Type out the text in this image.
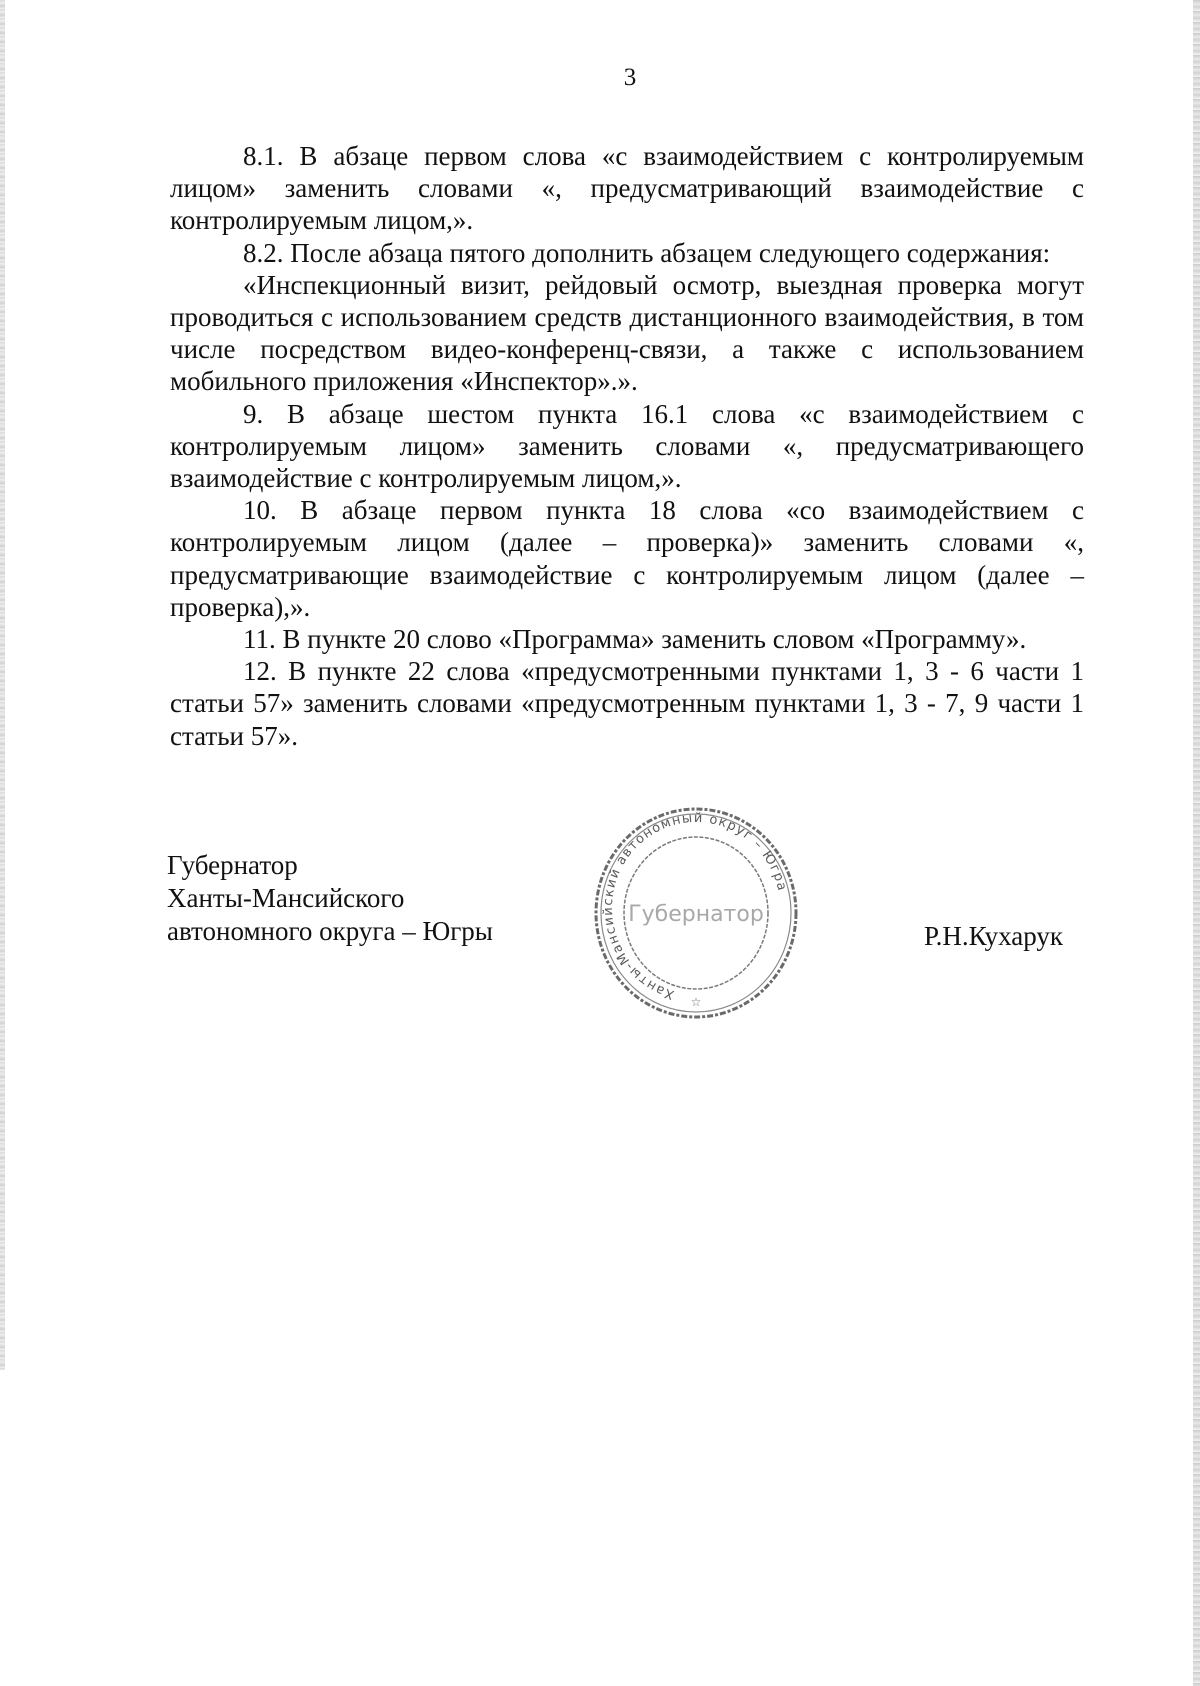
3

8.1. В абзаце первом слова «с взаимодействием с контролируемым лицом» заменить словами «, предусматривающий взаимодействие с контролируемым лицом,».

8.2. После абзаца пятого дополнить абзацем следующего содержания:

«Инспекционный визит, рейдовый осмотр, выездная проверка могут проводиться с использованием средств дистанционного взаимодействия, в том числе посредством видео-конференц-связи, а также с использованием мобильного приложения «Инспектор».».

9. В абзаце шестом пункта 16.1 слова «с взаимодействием с контролируемым лицом» заменить словами «, предусматривающего взаимодействие с контролируемым лицом,».

10. В абзаце первом пункта 18 слова «со взаимодействием с контролируемым лицом (далее – проверка)» заменить словами «, предусматривающие взаимодействие с контролируемым лицом (далее – проверка),».

11. В пункте 20 слово «Программа» заменить словом «Программу».

12. В пункте 22 слова «предусмотренными пунктами 1, 3 - 6 части 1 статьи 57» заменить словами «предусмотренным пунктами 1, 3 - 7, 9 части 1 статьи 57».

Губернатор
Ханты-Мансийского
автономного округа – Югры
Ханты-Мансийский автономный округ – Югра
Губернатор
☆
Р.Н.Кухарук
